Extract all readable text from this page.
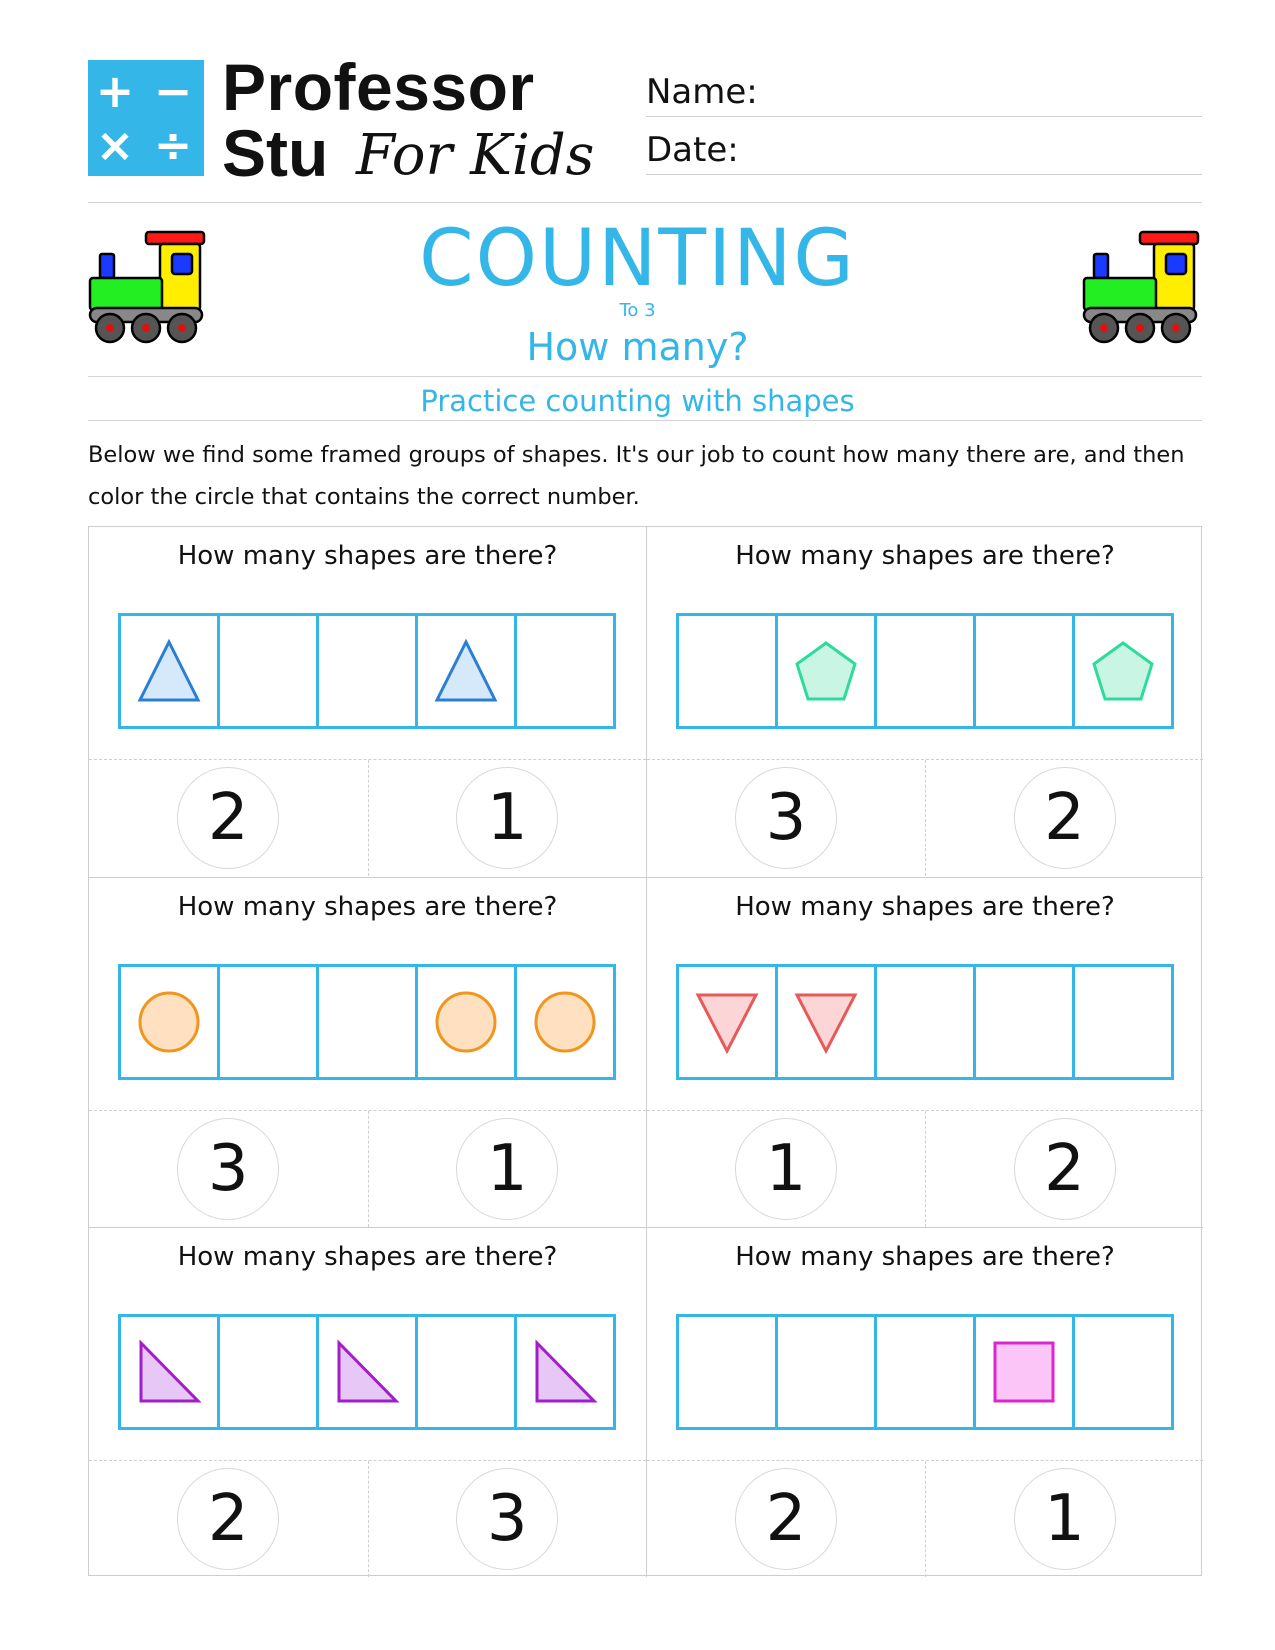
+ −
× ÷
Professor
Stu For Kids
Name:
Date:
COUNTING
To 3
How many?
Practice counting with shapes
Below we find some framed groups of shapes. It's our job to count how many there are, and then color the circle that contains the correct number.
How many shapes are there?
2	1
How many shapes are there?
3	2
How many shapes are there?
3	1
How many shapes are there?
1	2
How many shapes are there?
2	3
How many shapes are there?
2	1
